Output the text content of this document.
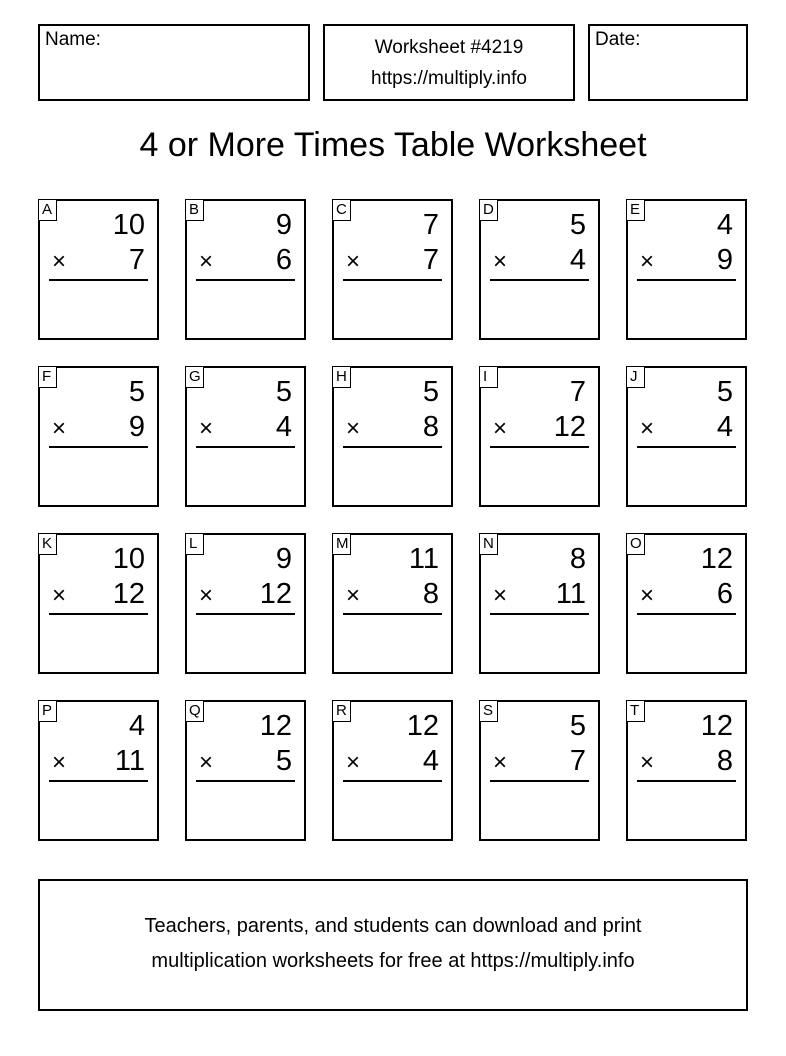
Name:	Worksheet #4219
https://multiply.info
Date:
4 or More Times Table Worksheet
A 10
× 7
B	9
× 6
C	7
× 7
D	5
× 4
E	4
× 9
F	5
× 9
G	5
× 4
H	5
× 8
I	7
× 12
J	5
× 4
K 10
× 12
L	9
× 12
M 11
× 8
N	8
× 11
O 12
× 6
P	4
× 11
Q 12
× 5
R 12
× 4
S	5
× 7
T 12
× 8
Teachers, parents, and students can download and print
multiplication worksheets for free at https://multiply.info
